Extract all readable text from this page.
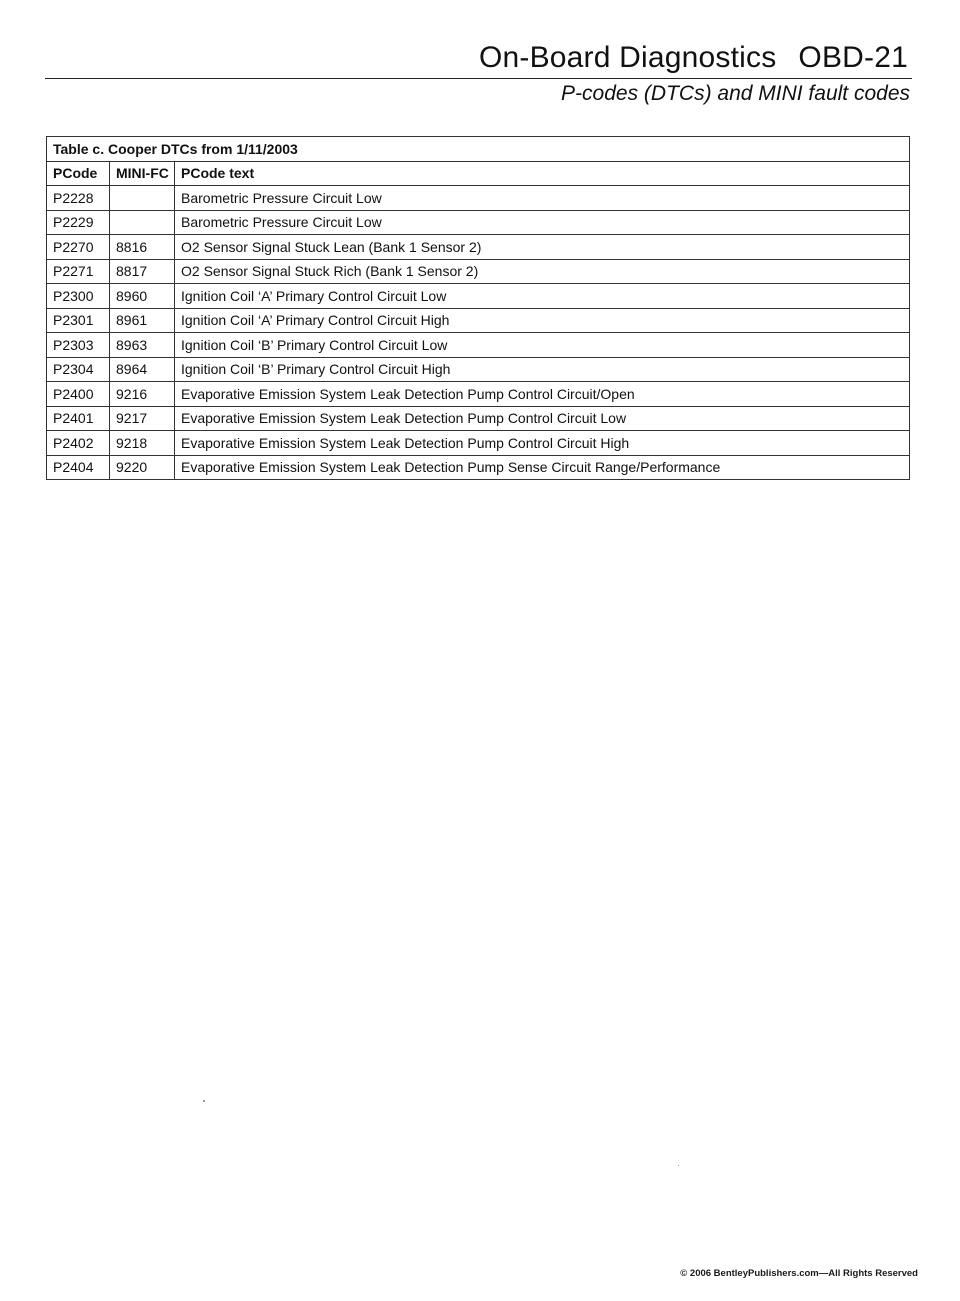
On-Board Diagnostics OBD-21
P-codes (DTCs) and MINI fault codes
Table c. Cooper DTCs from 1/11/2003		
PCode	MINI-FC	PCode text
P2228		Barometric Pressure Circuit Low
P2229		Barometric Pressure Circuit Low
P2270	8816	O2 Sensor Signal Stuck Lean (Bank 1 Sensor 2)
P2271	8817	O2 Sensor Signal Stuck Rich (Bank 1 Sensor 2)
P2300	8960	Ignition Coil ‘A’ Primary Control Circuit Low
P2301	8961	Ignition Coil ‘A’ Primary Control Circuit High
P2303	8963	Ignition Coil ‘B’ Primary Control Circuit Low
P2304	8964	Ignition Coil ‘B’ Primary Control Circuit High
P2400	9216	Evaporative Emission System Leak Detection Pump Control Circuit/Open
P2401	9217	Evaporative Emission System Leak Detection Pump Control Circuit Low
P2402	9218	Evaporative Emission System Leak Detection Pump Control Circuit High
P2404	9220	Evaporative Emission System Leak Detection Pump Sense Circuit Range/Performance
© 2006 BentleyPublishers.com—All Rights Reserved
